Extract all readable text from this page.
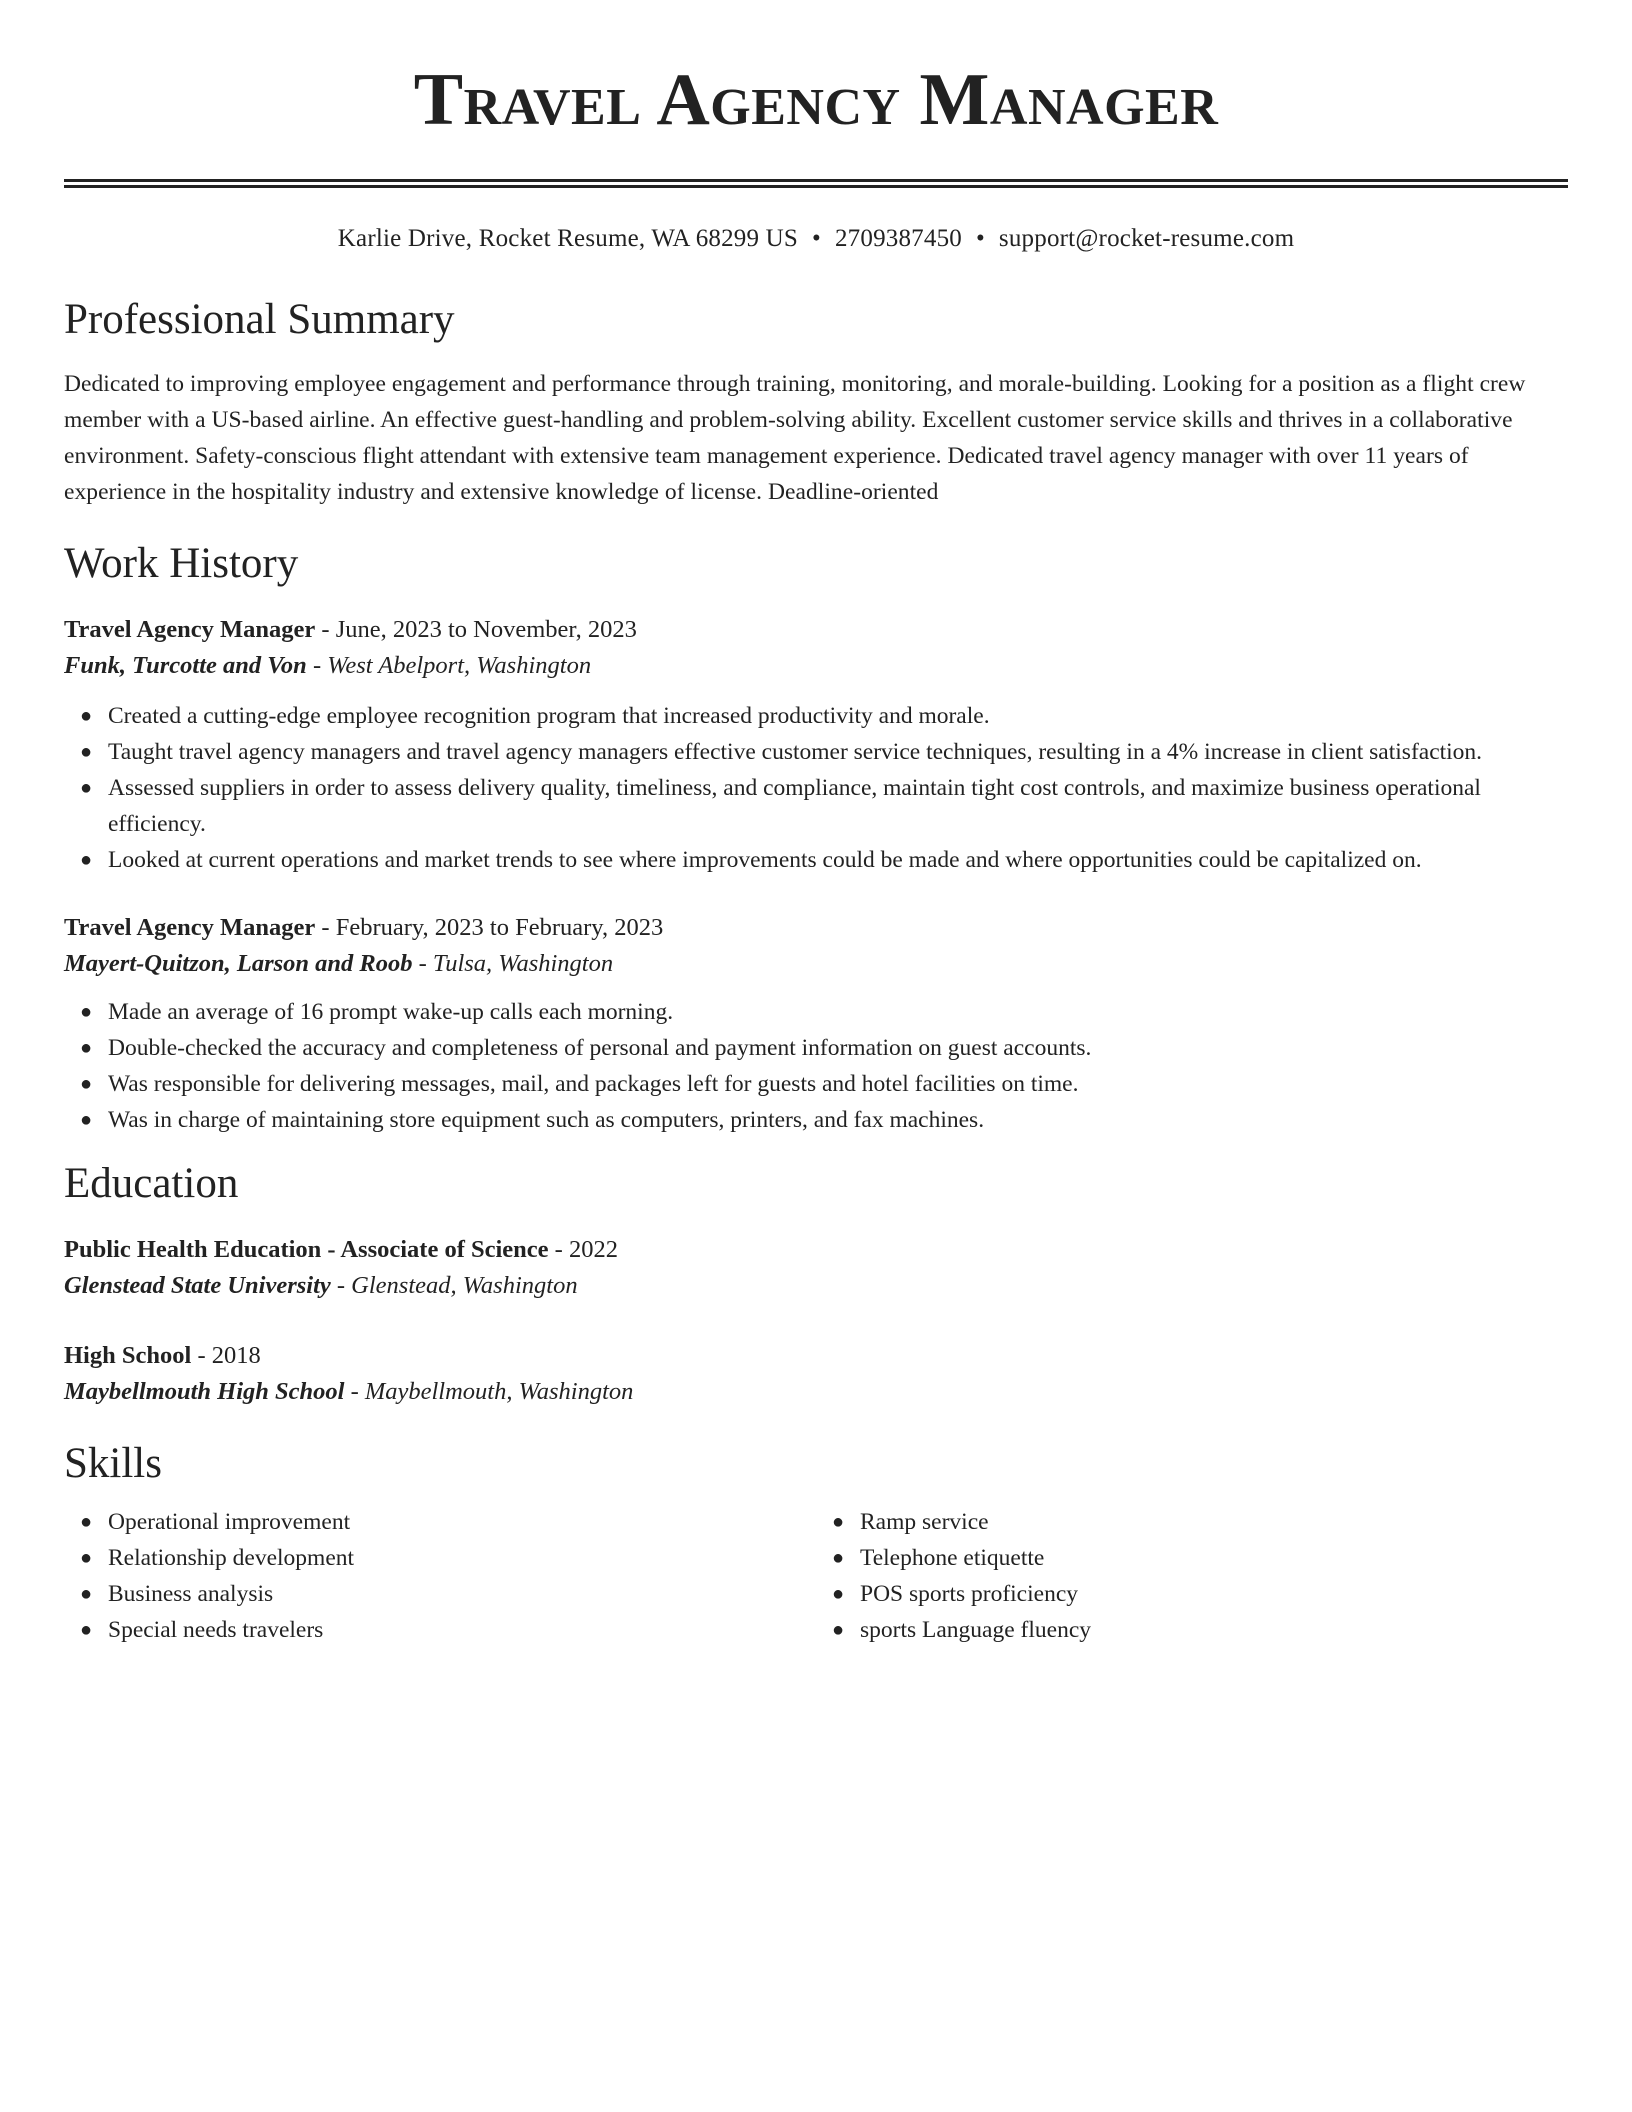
Travel Agency Manager
Karlie Drive, Rocket Resume, WA 68299 US • 2709387450 • support@rocket-resume.com
Professional Summary
Dedicated to improving employee engagement and performance through training, monitoring, and morale-building. Looking for a position as a flight crew member with a US-based airline. An effective guest-handling and problem-solving ability. Excellent customer service skills and thrives in a collaborative environment. Safety-conscious flight attendant with extensive team management experience. Dedicated travel agency manager with over 11 years of experience in the hospitality industry and extensive knowledge of license. Deadline-oriented
Work History
Travel Agency Manager - June, 2023 to November, 2023
Funk, Turcotte and Von - West Abelport, Washington
● Created a cutting-edge employee recognition program that increased productivity and morale.
● Taught travel agency managers and travel agency managers effective customer service techniques, resulting in a 4% increase in client satisfaction.
● Assessed suppliers in order to assess delivery quality, timeliness, and compliance, maintain tight cost controls, and maximize business operational efficiency.
● Looked at current operations and market trends to see where improvements could be made and where opportunities could be capitalized on.
Travel Agency Manager - February, 2023 to February, 2023
Mayert-Quitzon, Larson and Roob - Tulsa, Washington
● Made an average of 16 prompt wake-up calls each morning.
● Double-checked the accuracy and completeness of personal and payment information on guest accounts.
● Was responsible for delivering messages, mail, and packages left for guests and hotel facilities on time.
● Was in charge of maintaining store equipment such as computers, printers, and fax machines.
Education
Public Health Education - Associate of Science - 2022
Glenstead State University - Glenstead, Washington
High School - 2018
Maybellmouth High School - Maybellmouth, Washington
Skills
● Operational improvement
● Relationship development
● Business analysis
● Special needs travelers
● Ramp service
● Telephone etiquette
● POS sports proficiency
● sports Language fluency
